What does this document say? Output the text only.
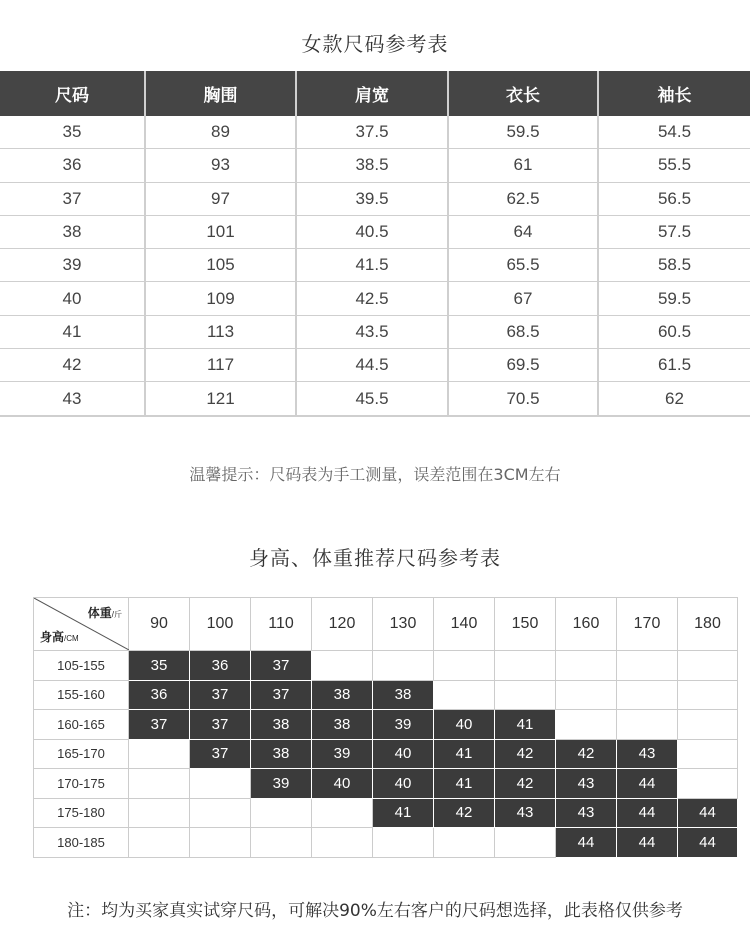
女款尺码参考表
尺码	胸围	肩宽	衣长	袖长
35	89	37.5	59.5	54.5
36	93	38.5	61	55.5
37	97	39.5	62.5	56.5
38	101	40.5	64	57.5
39	105	41.5	65.5	58.5
40	109	42.5	67	59.5
41	113	43.5	68.5	60.5
42	117	44.5	69.5	61.5
43	121	45.5	70.5	62
温馨提示：尺码表为手工测量，误差范围在3CM左右
身高、体重推荐尺码参考表
体重/斤
身高/CM	90	100	110	120	130	140	150	160	170	180
105-155	35	36	37							
155-160	36	37	37	38	38					
160-165	37	37	38	38	39	40	41			
165-170		37	38	39	40	41	42	42	43	
170-175			39	40	40	41	42	43	44	
175-180					41	42	43	43	44	44
180-185								44	44	44
注：均为买家真实试穿尺码，可解决90%左右客户的尺码想选择，此表格仅供参考
